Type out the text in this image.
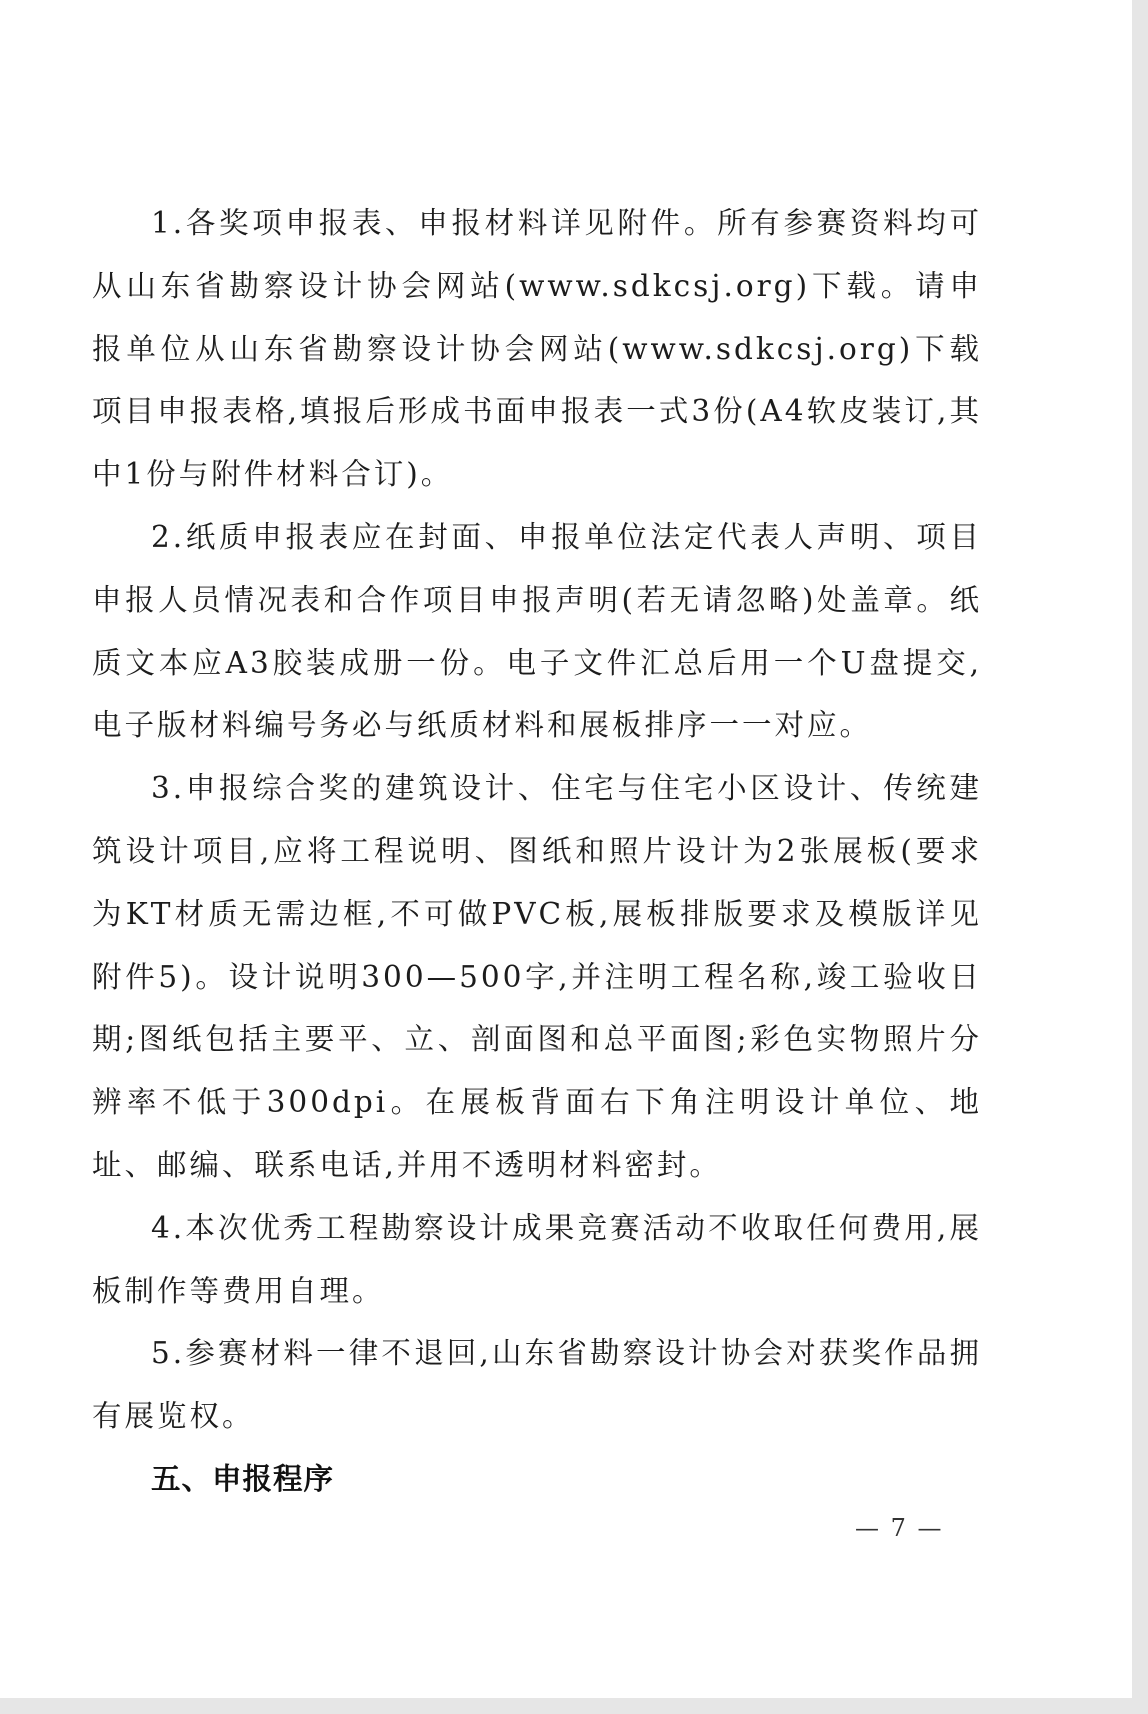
1.各奖项申报表、申报材料详见附件。所有参赛资料均可从山东省勘察设计协会网站(www.sdkcsj.org)下载。请申报单位从山东省勘察设计协会网站(www.sdkcsj.org)下载项目申报表格,填报后形成书面申报表一式3份(A4软皮装订,其中1份与附件材料合订)。

2.纸质申报表应在封面、申报单位法定代表人声明、项目申报人员情况表和合作项目申报声明(若无请忽略)处盖章。纸质文本应A3胶装成册一份。电子文件汇总后用一个U盘提交,电子版材料编号务必与纸质材料和展板排序一一对应。

3.申报综合奖的建筑设计、住宅与住宅小区设计、传统建筑设计项目,应将工程说明、图纸和照片设计为2张展板(要求为KT材质无需边框,不可做PVC板,展板排版要求及模版详见附件5)。设计说明300—500字,并注明工程名称,竣工验收日期;图纸包括主要平、立、剖面图和总平面图;彩色实物照片分辨率不低于300dpi。在展板背面右下角注明设计单位、地址、邮编、联系电话,并用不透明材料密封。

4.本次优秀工程勘察设计成果竞赛活动不收取任何费用,展板制作等费用自理。

5.参赛材料一律不退回,山东省勘察设计协会对获奖作品拥有展览权。

五、申报程序

— 7 —
